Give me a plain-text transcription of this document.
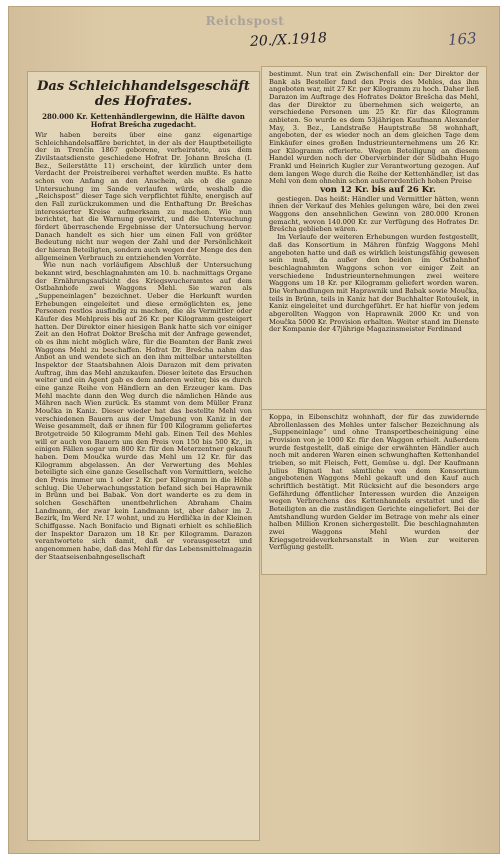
Reichspost
20./X.1918	163
Das Schleichhandelsgeschäft des Hofrates.
280.000 Kr. Kettenhändlergewinn, die Hälfte davon Hofrat Brešcha zugedacht.

Wir haben bereits über eine ganz eigenartige Schleichhandelsaffäre berichtet, in der als der Hauptbeteiligte der in Trenčín 1867 geborene, verheiratete, aus dem Zivilstaatsdienste geschiedene Hofrat Dr. Johann Brešcha (I. Bez., Seilerstätte 11) erscheint, der kürzlich unter dem Verdacht der Preistreiberei verhaftet werden mußte. Es hatte schon von Anfang an den Anschein, als ob die ganze Untersuchung im Sande verlaufen würde, weshalb die „Reichspost“ dieser Tage sich verpflichtet fühlte, energisch auf den Fall zurückzukommen und die Enthaftung Dr. Brešchas interessierter Kreise aufmerksam zu machen. Wie nun berichtet, hat die Warnung gewirkt, und die Untersuchung fördert überraschende Ergebnisse der Untersuchung hervor. Danach handelt es sich hier um einen Fall von größter Bedeutung nicht nur wegen der Zahl und der Persönlichkeit der hieran Beteiligten, sondern auch wegen der Menge des den allgemeinen Verbrauch zu entziehenden Vorräte.

Wie nun nach vorläufigem Abschluß der Untersuchung bekannt wird, beschlagnahmten am 10. b. nachmittags Organe der Ernährungsaufsicht des Kriegswucheramtes auf dem Ostbahnhofe zwei Waggons Mehl. Sie waren als „Suppeneinlagen“ bezeichnet. Ueber die Herkunft wurden Erhebungen eingeleitet und diese ermöglichten es, jene Personen restlos ausfindig zu machen, die als Vermittler oder Käufer des Mehlpreis bis auf 26 Kr. per Kilogramm gesteigert hatten. Der Direktor einer hiesigen Bank hatte sich vor einiger Zeit an den Hofrat Doktor Brešcha mit der Anfrage gewendet, ob es ihm nicht möglich wäre, für die Beamten der Bank zwei Waggons Mehl zu beschaffen. Hofrat Dr. Brešcha nahm das Anbot an und wendete sich an den ihm mittelbar unterstellten Inspektor der Staatsbahnen Alois Darazon mit dem privaten Auftrag, ihm das Mehl anzukaufen. Dieser leitete das Ersuchen weiter und ein Agent gab es dem anderen weiter, bis es durch eine ganze Reihe von Händlern an den Erzeuger kam. Das Mehl machte dann den Weg durch die nämlichen Hände aus Mähren nach Wien zurück. Es stammt von dem Müller Franz Moučka in Kaniz. Dieser wieder hat das bestellte Mehl von verschiedenen Bauern aus der Umgebung von Kaniz in der Weise gesammelt, daß er ihnen für 100 Kilogramm geliefertes Brotgetreide 50 Kilogramm Mehl gab. Einen Teil des Mehles will er auch von Bauern um den Preis von 150 bis 500 Kr., in einigen Fällen sogar um 800 Kr. für den Meterzentner gekauft haben. Dem Moučka wurde das Mehl um 12 Kr. für das Kilogramm abgelassen. An der Verwertung des Mehles beteiligte sich eine ganze Gesellschaft von Vermittlern, welche den Preis immer um 1 oder 2 Kr. per Kilogramm in die Höhe schlug. Die Ueberwachungsstation befand sich bei Haprawnik in Brünn und bei Babak. Von dort wanderte es zu dem in solchen Geschäften unentbehrlichen Abraham Chaim Landmann, der zwar kein Landmann ist, aber daher im 2. Bezirk, Im Werd Nr. 17 wohnt, und zu Herdlička in der Kleinen Schiffgasse. Nach Bonifacio und Bignati erhielt es schließlich der Inspektor Darazon um 18 Kr. per Kilogramm. Darazon verantwortete sich damit, daß er vorausgesetzt und angenommen habe, daß das Mehl für das Lebensmittelmagazin der Staatseisenbahngesellschaft

bestimmt. Nun trat ein Zwischenfall ein: Der Direktor der Bank als Besteller fand den Preis des Mehles, das ihm angeboten war, mit 27 Kr. per Kilogramm zu hoch. Daher ließ Darazon im Auftrage des Hofrates Doktor Brešcha das Mehl, das der Direktor zu übernehmen sich weigerte, an verschiedene Personen um 25 Kr. für das Kilogramm anbieten. So wurde es dem 53jährigen Kaufmann Alexander May, 3. Bez., Landstraße Hauptstraße 58 wohnhaft, angeboten, der es wieder noch an dem gleichen Tage dem Einkäufer eines großen Industrieunternehmens um 26 Kr. per Kilogramm offerierte. Wegen Beteiligung an diesem Handel wurden noch der Oberverbinder der Südbahn Hugo Frankl und Heinrich Kugler zur Verantwortung gezogen. Auf dem langen Wege durch die Reihe der Kettenhändler, ist das Mehl von dem ohnehin schon außerordentlich hohen Preise

von 12 Kr. bis auf 26 Kr.

gestiegen. Das heißt: Händler und Vermittler hätten, wenn ihnen der Verkauf des Mehles gelungen wäre, bei den zwei Waggons den ansehnlichen Gewinn von 280.000 Kronen gemacht, wovon 140.000 Kr. zur Verfügung des Hofrates Dr. Brešcha geblieben wären.

Im Verlaufe der weiteren Erhebungen wurden festgestellt, daß das Konsortium in Mähren fünfzig Waggons Mehl angeboten hatte und daß es wirklich leistungsfähig gewesen sein muß, da außer den beiden im Ostbahnhof beschlagnahmten Waggons schon vor einiger Zeit an verschiedene Industrieunternehmungen zwei weitere Waggons um 18 Kr. per Kilogramm geliefert worden waren. Die Verhandlungen mit Haprawnik und Babak sowie Moučka, teils in Brünn, teils in Kaniz hat der Buchhalter Rotoušek, in Kaniz eingeleitet und durchgeführt. Er hat hiefür von jedem abgerollten Waggon von Haprawnik 2000 Kr. und von Moučka 5000 Kr. Provision erhalten. Weiter stand im Dienste der Kompanie der 47jährige Magazinsmeister Ferdinand

Koppa, in Eibenschitz wohnhaft, der für das zuwidernde Abrollenlassen des Mehles unter falscher Bezeichnung als „Suppeneinlage“ und ohne Transportbescheinigung eine Provision von je 1000 Kr. für den Waggon erhielt. Außerdem wurde festgestellt, daß einige der erwähnten Händler auch noch mit anderen Waren einen schwunghaften Kettenhandel trieben, so mit Fleisch, Fett, Gemüse u. dgl. Der Kaufmann Julius Bignati hat sämtliche von dem Konsortium angebotenen Waggons Mehl gekauft und den Kauf auch schriftlich bestätigt. Mit Rücksicht auf die besonders arge Gefährdung öffentlicher Interessen wurden die Anzeigen wegen Verbrechens des Kettenhandels erstattet und die Beteiligten an die zuständigen Gerichte eingeliefert. Bei der Amtshandlung wurden Gelder im Betrage von mehr als einer halben Million Kronen sichergestellt. Die beschlagnahmten zwei Waggons Mehl wurden der Kriegsgetreideverkehrsanstalt in Wien zur weiteren Verfügung gestellt.
